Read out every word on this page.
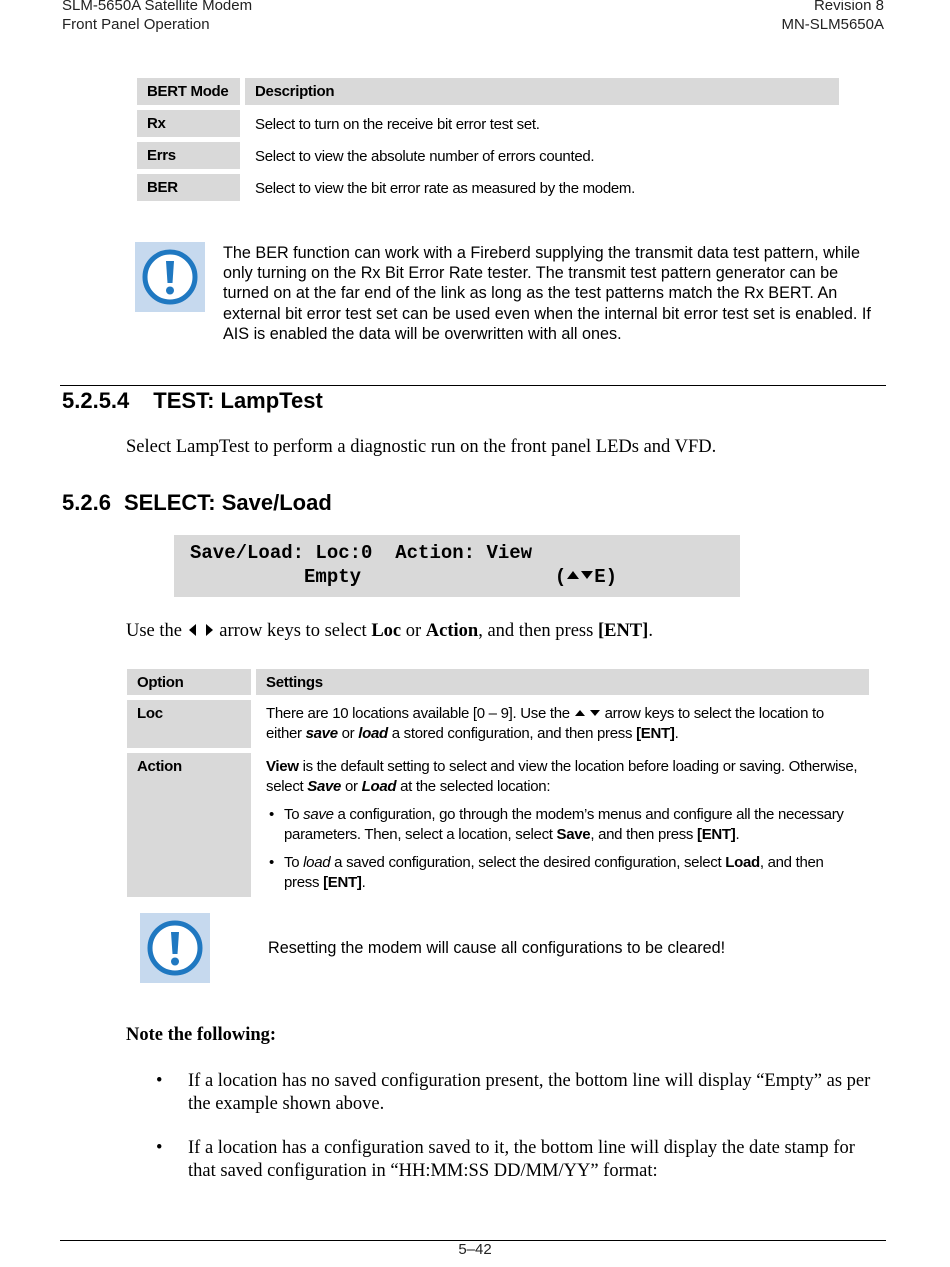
SLM-5650A Satellite Modem
Front Panel Operation
Revision 8
MN-SLM5650A
BERT Mode	Description
Rx	Select to turn on the receive bit error test set.
Errs	Select to view the absolute number of errors counted.
BER	Select to view the bit error rate as measured by the modem.
The BER function can work with a Fireberd supplying the transmit data test pattern, while only turning on the Rx Bit Error Rate tester. The transmit test pattern generator can be turned on at the far end of the link as long as the test patterns match the Rx BERT. An external bit error test set can be used even when the internal bit error test set is enabled. If AIS is enabled the data will be overwritten with all ones.
5.2.5.4 TEST: LampTest
Select LampTest to perform a diagnostic run on the front panel LEDs and VFD.
5.2.6 SELECT: Save/Load
Save/Load: Loc:0  Action: View
Empty                 ( E)
Use the  arrow keys to select Loc or Action, and then press [ENT].
Option	Settings
Loc	There are 10 locations available [0 – 9]. Use the  arrow keys to select the location to either save or load a stored configuration, and then press [ENT].
Action	View is the default setting to select and view the location before loading or saving. Otherwise, select Save or Load at the selected location:
• To save a configuration, go through the modem’s menus and configure all the necessary parameters. Then, select a location, select Save, and then press [ENT].
• To load a saved configuration, select the desired configuration, select Load, and then press [ENT].
Resetting the modem will cause all configurations to be cleared!
Note the following:
•	If a location has no saved configuration present, the bottom line will display “Empty” as per the example shown above.
•	If a location has a configuration saved to it, the bottom line will display the date stamp for that saved configuration in “HH:MM:SS DD/MM/YY” format:
5–42
